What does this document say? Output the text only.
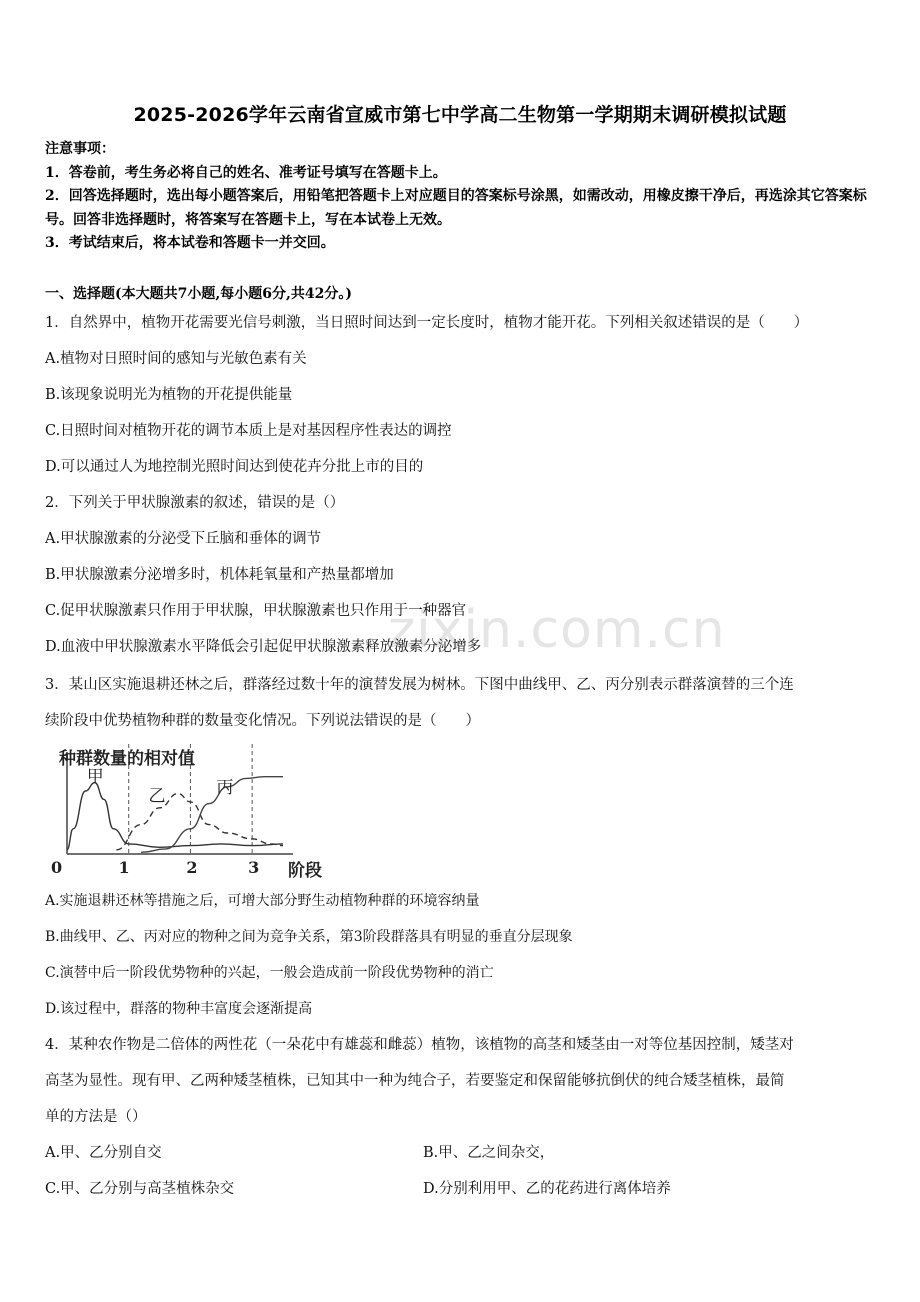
zixin.com.cn
2025-2026学年云南省宣威市第七中学高二生物第一学期期末调研模拟试题

注意事项：

1．答卷前，考生务必将自己的姓名、准考证号填写在答题卡上。

2．回答选择题时，选出每小题答案后，用铅笔把答题卡上对应题目的答案标号涂黑，如需改动，用橡皮擦干净后，再选涂其它答案标号。回答非选择题时，将答案写在答题卡上，写在本试卷上无效。

3．考试结束后，将本试卷和答题卡一并交回。

一、选择题(本大题共7小题,每小题6分,共42分。)

1．自然界中，植物开花需要光信号刺激，当日照时间达到一定长度时，植物才能开花。下列相关叙述错误的是（　　）

A.植物对日照时间的感知与光敏色素有关

B.该现象说明光为植物的开花提供能量

C.日照时间对植物开花的调节本质上是对基因程序性表达的调控

D.可以通过人为地控制光照时间达到使花卉分批上市的目的

2．下列关于甲状腺激素的叙述，错误的是（）

A.甲状腺激素的分泌受下丘脑和垂体的调节

B.甲状腺激素分泌增多时，机体耗氧量和产热量都增加

C.促甲状腺激素只作用于甲状腺，甲状腺激素也只作用于一种器官

D.血液中甲状腺激素水平降低会引起促甲状腺激素释放激素分泌增多

3．某山区实施退耕还林之后，群落经过数十年的演替发展为树林。下图中曲线甲、乙、丙分别表示群落演替的三个连

续阶段中优势植物种群的数量变化情况。下列说法错误的是（　　）

种群数量的相对值
阶段
0	1	2	3
甲
乙	丙

A.实施退耕还林等措施之后，可增大部分野生动植物种群的环境容纳量

B.曲线甲、乙、丙对应的物种之间为竞争关系，第3阶段群落具有明显的垂直分层现象

C.演替中后一阶段优势物种的兴起，一般会造成前一阶段优势物种的消亡

D.该过程中，群落的物种丰富度会逐渐提高

4．某种农作物是二倍体的两性花（一朵花中有雄蕊和雌蕊）植物，该植物的高茎和矮茎由一对等位基因控制，矮茎对

高茎为显性。现有甲、乙两种矮茎植株，已知其中一种为纯合子，若要鉴定和保留能够抗倒伏的纯合矮茎植株，最简

单的方法是（）

A.甲、乙分别自交	B.甲、乙之间杂交，

C.甲、乙分别与高茎植株杂交	D.分别利用甲、乙的花药进行离体培养
